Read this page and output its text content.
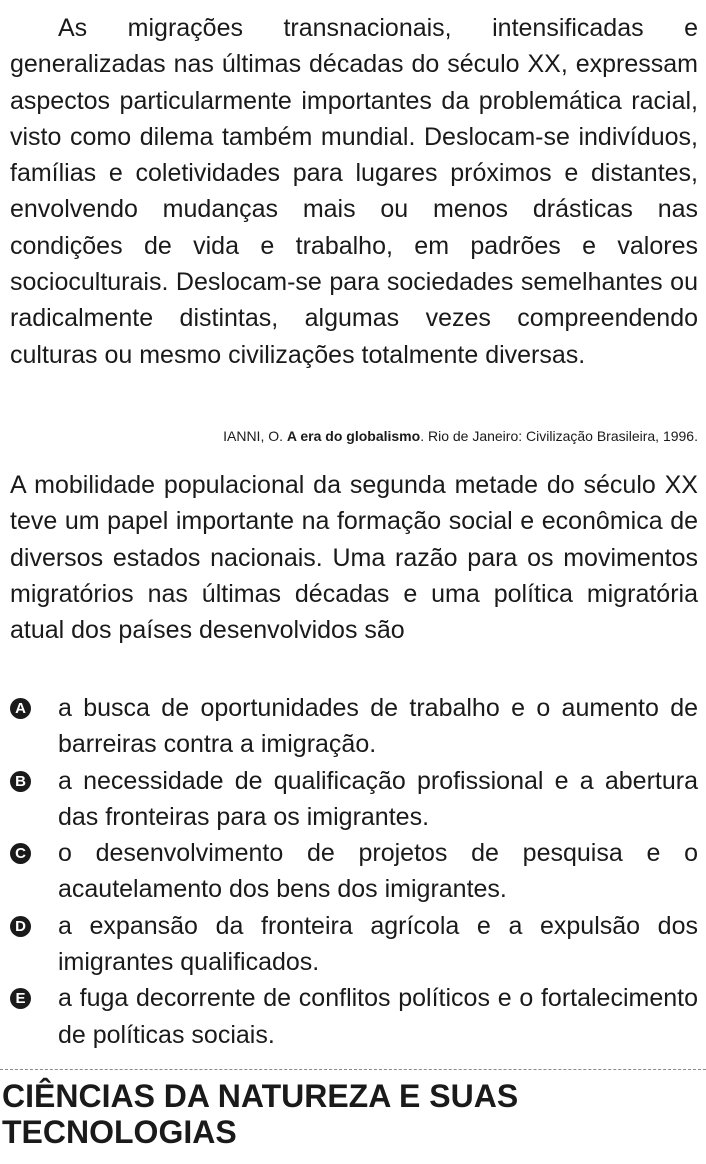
As migrações transnacionais, intensificadas e generalizadas nas últimas décadas do século XX, expressam aspectos particularmente importantes da problemática racial, visto como dilema também mundial. Deslocam-se indivíduos, famílias e coletividades para lugares próximos e distantes, envolvendo mudanças mais ou menos drásticas nas condições de vida e trabalho, em padrões e valores socioculturais. Deslocam-se para sociedades semelhantes ou radicalmente distintas, algumas vezes compreendendo culturas ou mesmo civilizações totalmente diversas.

IANNI, O. A era do globalismo. Rio de Janeiro: Civilização Brasileira, 1996.

A mobilidade populacional da segunda metade do século XX teve um papel importante na formação social e econômica de diversos estados nacionais. Uma razão para os movimentos migratórios nas últimas décadas e uma política migratória atual dos países desenvolvidos são

A a busca de oportunidades de trabalho e o aumento de barreiras contra a imigração.
B a necessidade de qualificação profissional e a abertura das fronteiras para os imigrantes.
C o desenvolvimento de projetos de pesquisa e o acautelamento dos bens dos imigrantes.
D a expansão da fronteira agrícola e a expulsão dos imigrantes qualificados.
E a fuga decorrente de conflitos políticos e o fortalecimento de políticas sociais.
CIÊNCIAS DA NATUREZA E SUAS TECNOLOGIAS
